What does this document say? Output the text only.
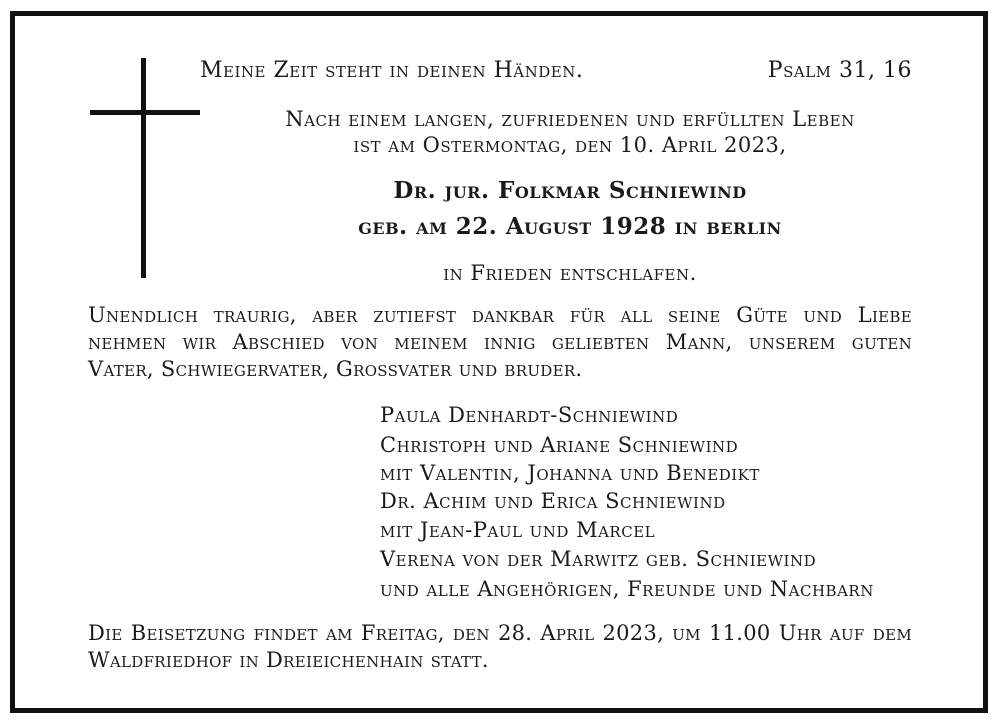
Meine Zeit steht in deinen Händen.	Psalm 31, 16
Nach einem langen, zufriedenen und erfüllten Leben
ist am Ostermontag, den 10. April 2023,
Dr. jur. Folkmar Schniewind
geb. am 22. August 1928 in berlin
in Frieden entschlafen.
Unendlich traurig, aber zutiefst dankbar für all seine Güte und Liebe
nehmen wir Abschied von meinem innig geliebten Mann, unserem guten
Vater, Schwiegervater, Grossvater und bruder.
Paula Denhardt-Schniewind
Christoph und Ariane Schniewind
mit Valentin, Johanna und Benedikt
Dr. Achim und Erica Schniewind
mit Jean-Paul und Marcel
Verena von der Marwitz geb. Schniewind
und alle Angehörigen, Freunde und Nachbarn
Die Beisetzung findet am Freitag, den 28. April 2023, um 11.00 Uhr auf dem
Waldfriedhof in Dreieichenhain statt.
